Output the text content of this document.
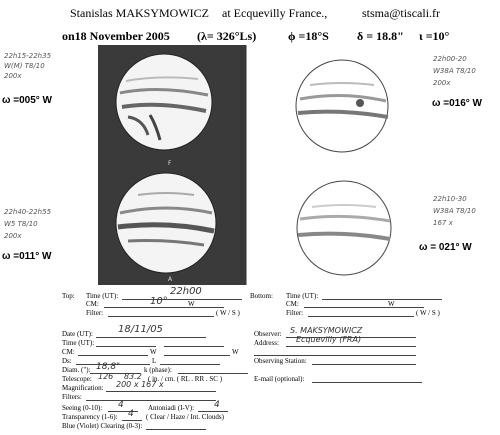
Stanislas MAKSYMOWICZ at Ecquevilly France.,	stsma@tiscali.fr
on18 November 2005 (λ= 326°Ls)	ϕ =18°S δ = 18.8" ι =10°
F
A
22h15-22h35
W(M) T8/10
200x
ω =005° W
22h40-22h55
W5 T8/10
200x
ω =011° W
22h00-20
W38A T8/10
200x
ω =016° W
22h10-30
W38A T8/10
167 x
ω = 021° W
Top: Time (UT):	22h00
CM:	10°	W
Filter:	( W / S )
Bottom: Time (UT):
CM:	W
Filter:	( W / S )
Date (UT):	18/11/05
Time (UT):
CM:	W	W
Ds:	L
Diam. ("): 18,8"	k (phase):
Telescope: 126 83.2 ( in. / cm. ( RL . RR . SC )
Magnification: 200 x 167 x
Filters:
Seeing (0-10): 4	Antoniadi (I-V): 4
Transparency (1-6): 4 ( Clear / Haze / Int. Clouds)
Blue (Violet) Clearing (0-3):
Observer: S. MAKSYMOWICZ
Address: Ecquevilly (FRA)
Observing Station:
E-mail (optional):
